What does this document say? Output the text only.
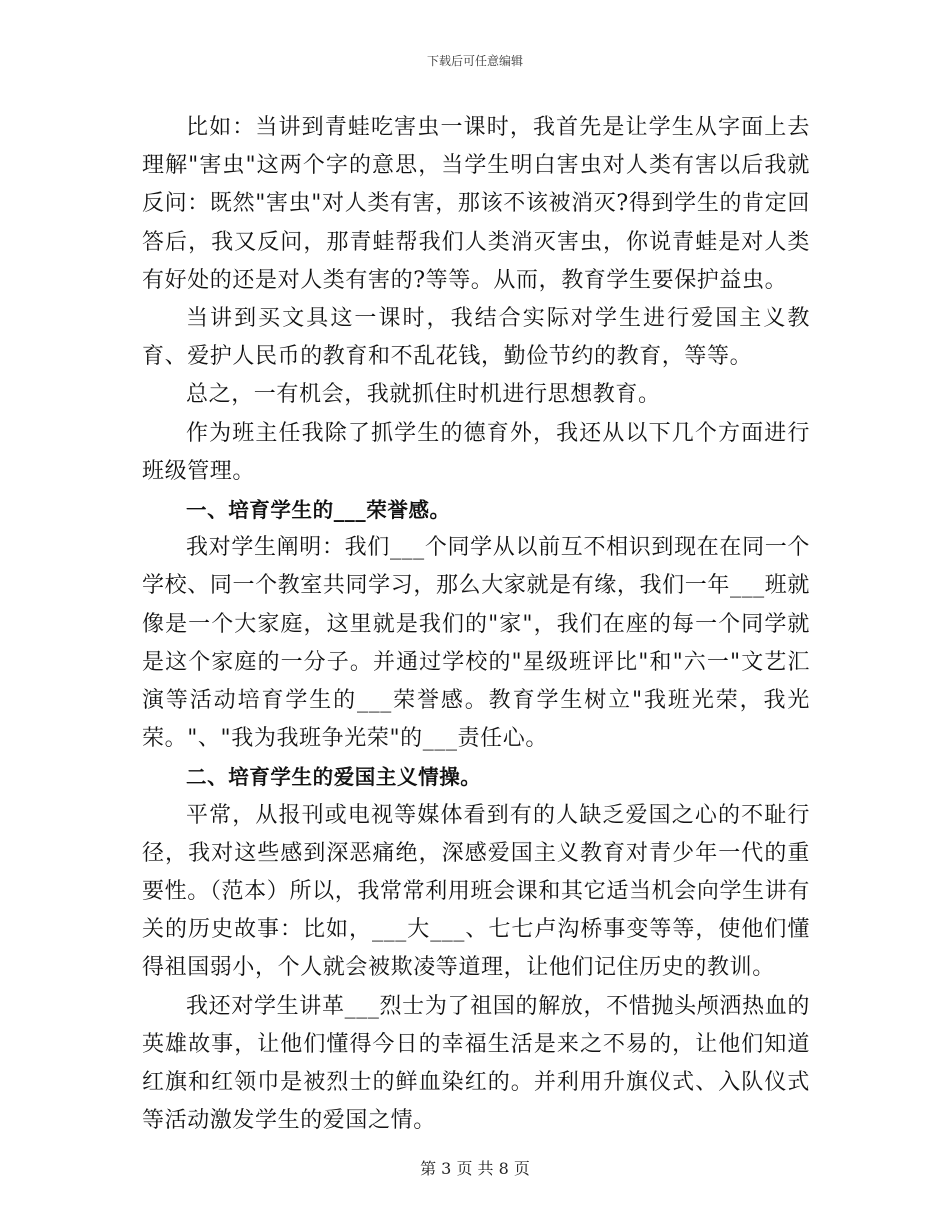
下载后可任意编辑

比如：当讲到青蛙吃害虫一课时，我首先是让学生从字面上去理解"害虫"这两个字的意思，当学生明白害虫对人类有害以后我就反问：既然"害虫"对人类有害，那该不该被消灭?得到学生的肯定回答后，我又反问，那青蛙帮我们人类消灭害虫，你说青蛙是对人类有好处的还是对人类有害的?等等。从而，教育学生要保护益虫。

当讲到买文具这一课时，我结合实际对学生进行爱国主义教育、爱护人民币的教育和不乱花钱，勤俭节约的教育，等等。

总之，一有机会，我就抓住时机进行思想教育。

作为班主任我除了抓学生的德育外，我还从以下几个方面进行班级管理。

一、培育学生的___荣誉感。

我对学生阐明：我们___个同学从以前互不相识到现在在同一个学校、同一个教室共同学习，那么大家就是有缘，我们一年___班就像是一个大家庭，这里就是我们的"家"，我们在座的每一个同学就是这个家庭的一分子。并通过学校的"星级班评比"和"六一"文艺汇演等活动培育学生的___荣誉感。教育学生树立"我班光荣，我光荣。"、"我为我班争光荣"的___责任心。

二、培育学生的爱国主义情操。

平常，从报刊或电视等媒体看到有的人缺乏爱国之心的不耻行径，我对这些感到深恶痛绝，深感爱国主义教育对青少年一代的重要性。（范本）所以，我常常利用班会课和其它适当机会向学生讲有关的历史故事：比如，___大___、七七卢沟桥事变等等，使他们懂得祖国弱小，个人就会被欺凌等道理，让他们记住历史的教训。

我还对学生讲革___烈士为了祖国的解放，不惜抛头颅洒热血的英雄故事，让他们懂得今日的幸福生活是来之不易的，让他们知道红旗和红领巾是被烈士的鲜血染红的。并利用升旗仪式、入队仪式等活动激发学生的爱国之情。

第 3 页 共 8 页
